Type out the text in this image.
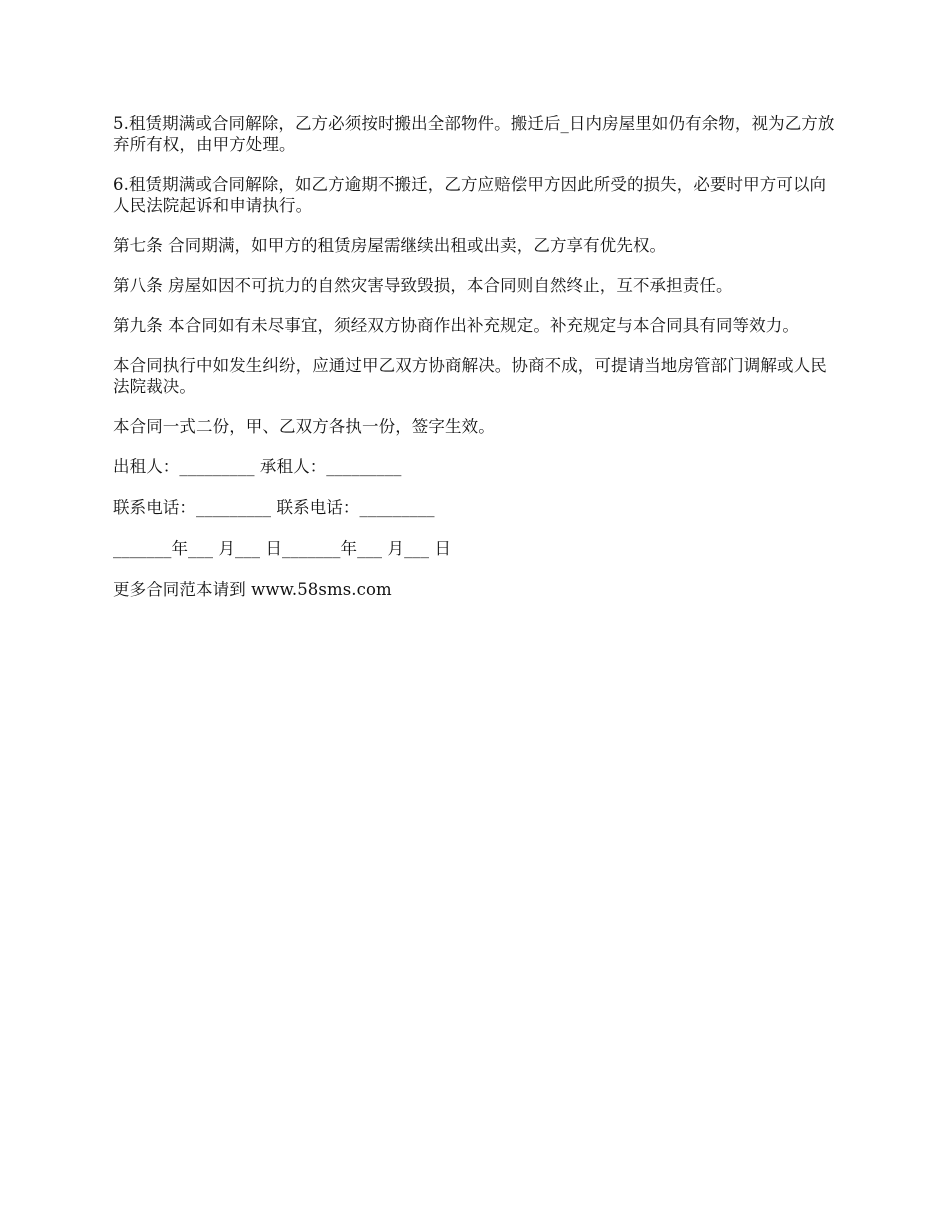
5.租赁期满或合同解除，乙方必须按时搬出全部物件。搬迁后_日内房屋里如仍有余物，视为乙方放弃所有权，由甲方处理。

6.租赁期满或合同解除，如乙方逾期不搬迁，乙方应赔偿甲方因此所受的损失，必要时甲方可以向人民法院起诉和申请执行。

第七条 合同期满，如甲方的租赁房屋需继续出租或出卖，乙方享有优先权。

第八条 房屋如因不可抗力的自然灾害导致毁损，本合同则自然终止，互不承担责任。

第九条 本合同如有未尽事宜，须经双方协商作出补充规定。补充规定与本合同具有同等效力。

本合同执行中如发生纠纷，应通过甲乙双方协商解决。协商不成，可提请当地房管部门调解或人民法院裁决。

本合同一式二份，甲、乙双方各执一份，签字生效。

出租人：_________ 承租人：_________

联系电话：_________ 联系电话：_________

_______年___ 月___ 日_______年___ 月___ 日

更多合同范本请到 www.58sms.com
